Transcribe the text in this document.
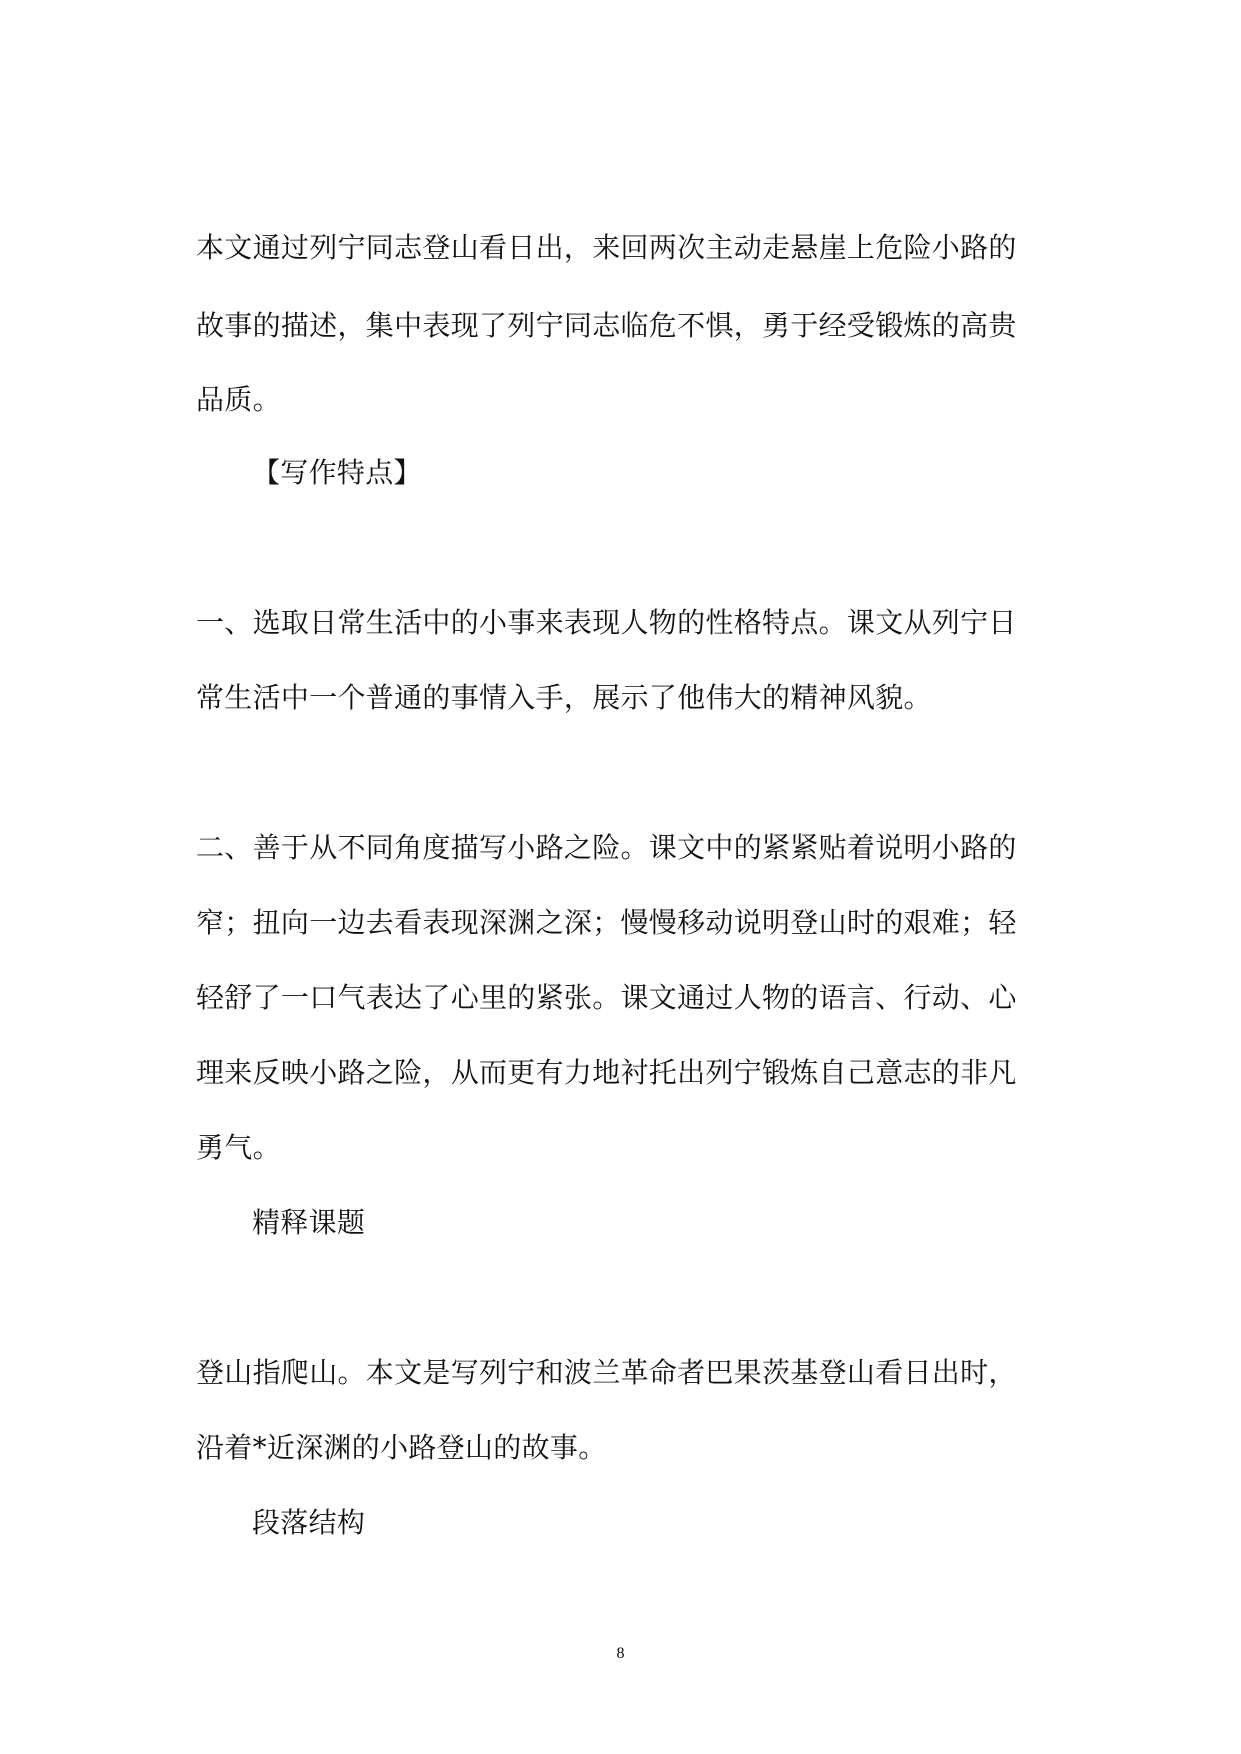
本文通过列宁同志登山看日出，来回两次主动走悬崖上危险小路的
故事的描述，集中表现了列宁同志临危不惧，勇于经受锻炼的高贵
品质。
【写作特点】
一、选取日常生活中的小事来表现人物的性格特点。课文从列宁日
常生活中一个普通的事情入手，展示了他伟大的精神风貌。
二、善于从不同角度描写小路之险。课文中的紧紧贴着说明小路的
窄；扭向一边去看表现深渊之深；慢慢移动说明登山时的艰难；轻
轻舒了一口气表达了心里的紧张。课文通过人物的语言、行动、心
理来反映小路之险，从而更有力地衬托出列宁锻炼自己意志的非凡
勇气。
精释课题
登山指爬山。本文是写列宁和波兰革命者巴果茨基登山看日出时，
沿着*近深渊的小路登山的故事。
段落结构
8
